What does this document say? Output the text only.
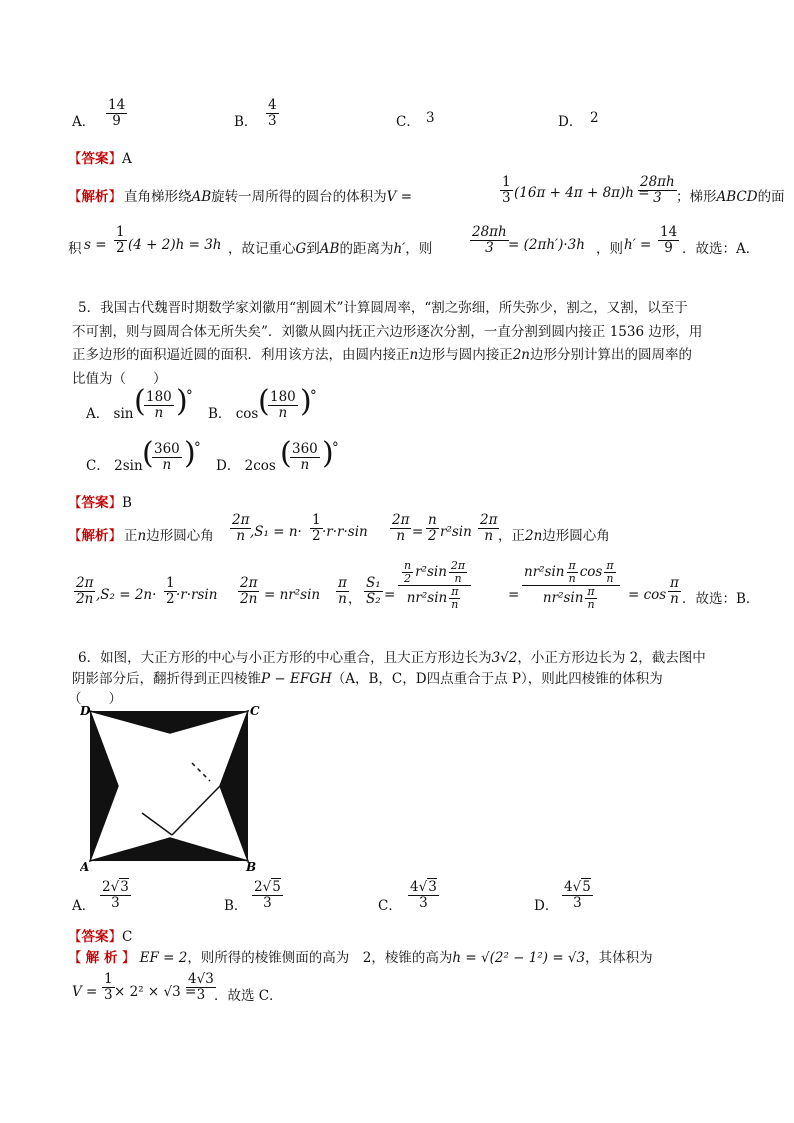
A． $\frac{14}{9}$	B． $\frac{4}{3}$	C． 3	D． 2
【答案】A
【解析】 直角梯形绕AB旋转一周所得的圆台的体积为V =	$\frac{1}{3} (16\pi + 4\pi + 8\pi)h$ =
$\frac{28\pi h}{3}$ ；梯形ABCD的面
积 $s = \frac{1}{2} (4 + 2)h = 3h$ ，故记重心G到AB的距离为h′，则	$\frac{28\pi h}{3} = (2\pi h')\cdot 3h$ ，则 $h' = \frac{14}{9}$ ．故选：A．
5．我国古代魏晋时期数学家刘徽用“割圆术”计算圆周率，“割之弥细，所失弥少，割之，又割，以至于
不可割，则与圆周合体无所失矣”．刘徽从圆内抚正六边形逐次分割，一直分割到圆内接正 1536 边形，用
正多边形的面积逼近圆的面积．利用该方法，由圆内接正n边形与圆内接正2n边形分别计算出的圆周率的
比值为（　　）
A． sin (
$\frac{180}{n}$ )
°
B． cos (
$\frac{180}{n}$ )
°
C． 2sin (
$\frac{360}{n}$ )
°
D． 2cos (
$\frac{360}{n}$ )
°
【答案】B
【解析】 正n边形圆心角 $\frac{2\pi}{n}$
$,S_1 = n\cdot \frac{1}{2} \cdot r\cdot r\cdot\sin \frac{2\pi}{n} = \frac{n}{2} r^2\sin \frac{2\pi}{n}$
，正2n边形圆心角
$\frac{2\pi}{2n} ,S_2 = 2n\cdot \frac{1}{2} \cdot r\cdot rsin \frac{2\pi}{2n} = nr^2\sin \frac{\pi}{n}$ ， $\frac{\text{S₁}}{\text{S₂}} = \frac{\frac{n}{2} r^2\sin \frac{2\pi}{n}}{nr^2\sin \frac{\pi}{n}}$	= $\frac{nr^2\sin \frac{\pi}{n} \cos \frac{\pi}{n}}{nr^2\sin \frac{\pi}{n}} = \cos \frac{\pi}{n}$ ．故选：B．
6．如图，大正方形的中心与小正方形的中心重合，且大正方形边长为3√2，小正方形边长为 2，截去图中
阴影部分后，翻折得到正四棱锥P − EFGH（A，B，C，D四点重合于点 P），则此四棱锥的体积为
（　　）
D	C
A	B
A． $\frac{2√3}{3}$	B． $\frac{2√5}{3}$	C． $\frac{4√3}{3}$	D． $\frac{4√5}{3}$
【答案】C
【 解 析 】 EF = 2，则所得的棱锥侧面的高为　2，棱锥的高为h = √(2² − 1²) = √3，其体积为
$V = \frac{1}{3} \times 2^2 \times √3$ =
$\frac{4√3}{3}$
．故选 C．
